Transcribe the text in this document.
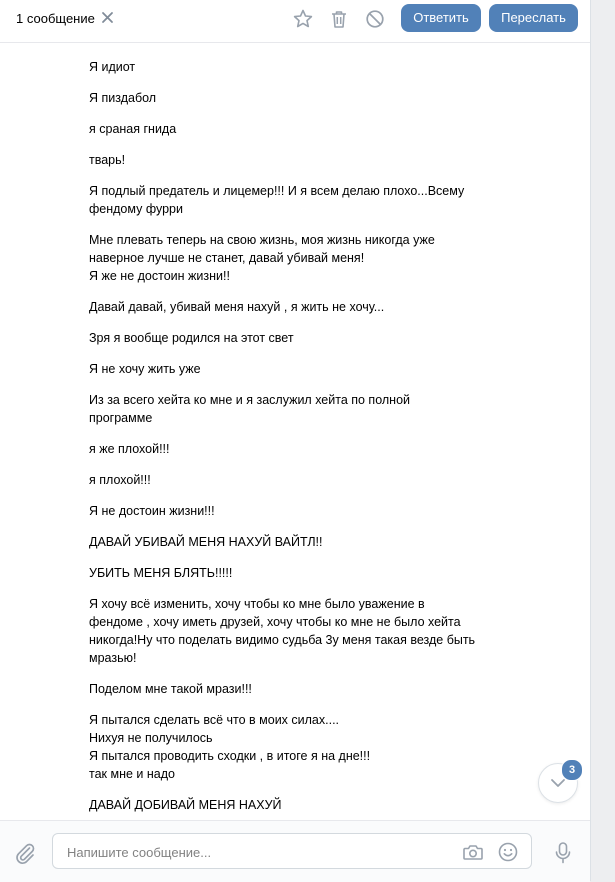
1 сообщение	Ответить	Переслать
Я идиот
Я пиздабол
я сраная гнида
тварь!
Я подлый предатель и лицемер!!! И я всем делаю плохо...Всему
фендому фурри
Мне плевать теперь на свою жизнь, моя жизнь никогда уже
наверное лучше не станет, давай убивай меня!
Я же не достоин жизни!!
Давай давай, убивай меня нахуй , я жить не хочу...
Зря я вообще родился на этот свет
Я не хочу жить уже
Из за всего хейта ко мне и я заслужил хейта по полной
программе
я же плохой!!!
я плохой!!!
Я не достоин жизни!!!
ДАВАЙ УБИВАЙ МЕНЯ НАХУЙ ВАЙТЛ!!
УБИТЬ МЕНЯ БЛЯТЬ!!!!!
Я хочу всё изменить, хочу чтобы ко мне было уважение в
фендоме , хочу иметь друзей, хочу чтобы ко мне не было хейта
никогда!Ну что поделать видимо судьба 3у меня такая везде быть
мразью!
Поделом мне такой мрази!!!
Я пытался сделать всё что в моих силах....
Нихуя не получилось
Я пытался проводить сходки , в итоге я на дне!!!
так мне и надо
ДАВАЙ ДОБИВАЙ МЕНЯ НАХУЙ
3
Напишите сообщение...
